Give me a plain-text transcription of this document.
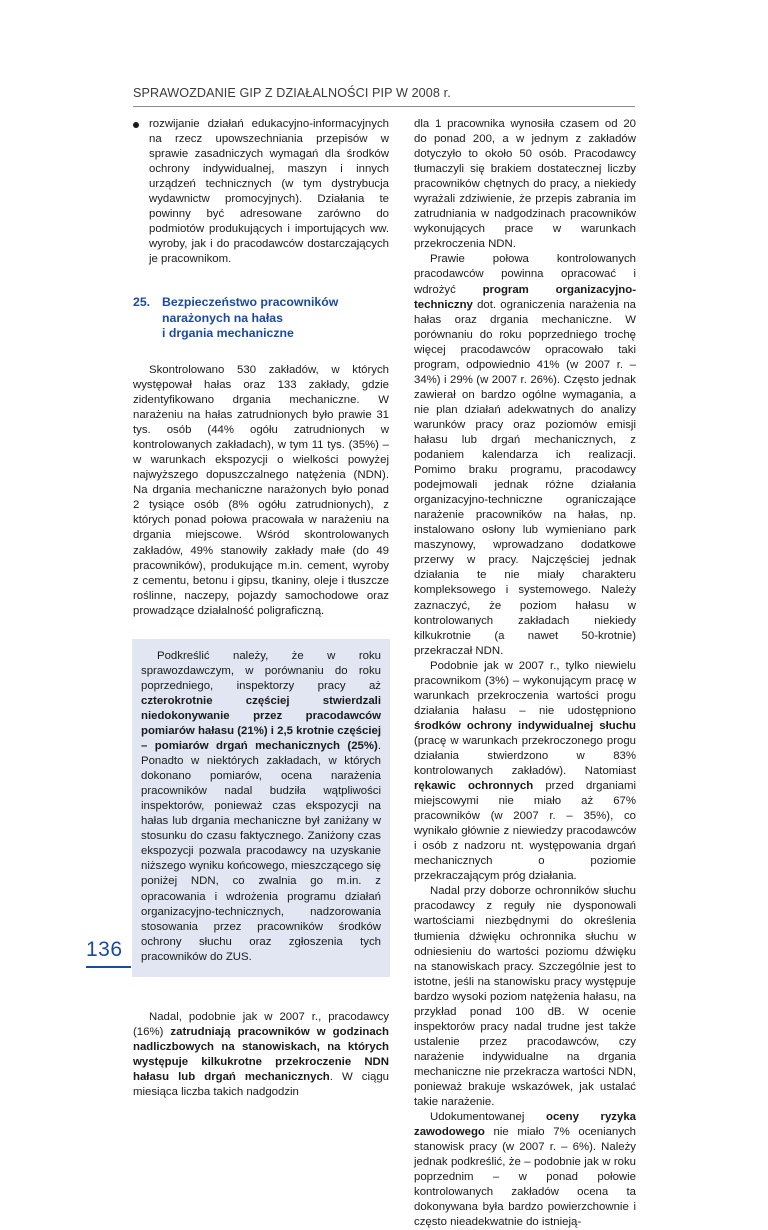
SPRAWOZDANIE GIP Z DZIAŁALNOŚCI PIP W 2008 r.

rozwijanie działań edukacyjno-informacyjnych na rzecz upowszechniania przepisów w sprawie zasadniczych wymagań dla środków ochrony indywidualnej, maszyn i innych urządzeń technicznych (w tym dystrybucja wydawnictw promocyjnych). Działania te powinny być adresowane zarówno do podmiotów produkujących i importujących ww. wyroby, jak i do pracodawców dostarczających je pracownikom.

25. Bezpieczeństwo pracowników
narażonych na hałas
i drgania mechaniczne

Skontrolowano 530 zakładów, w których występował hałas oraz 133 zakłady, gdzie zidentyfikowano drgania mechaniczne. W narażeniu na hałas zatrudnionych było prawie 31 tys. osób (44% ogółu zatrudnionych w kontrolowanych zakładach), w tym 11 tys. (35%) – w warunkach ekspozycji o wielkości powyżej najwyższego dopuszczalnego natężenia (NDN). Na drgania mechaniczne narażonych było ponad 2 tysiące osób (8% ogółu zatrudnionych), z których ponad połowa pracowała w narażeniu na drgania miejscowe. Wśród skontrolowanych zakładów, 49% stanowiły zakłady małe (do 49 pracowników), produkujące m.in. cement, wyroby z cementu, betonu i gipsu, tkaniny, oleje i tłuszcze roślinne, naczepy, pojazdy samochodowe oraz prowadzące działalność poligraficzną.

Podkreślić należy, że w roku sprawozdawczym, w porównaniu do roku poprzedniego, inspektorzy pracy aż czterokrotnie częściej stwierdzali niedokonywanie przez pracodawców pomiarów hałasu (21%) i 2,5 krotnie częściej – pomiarów drgań mechanicznych (25%). Ponadto w niektórych zakładach, w których dokonano pomiarów, ocena narażenia pracowników nadal budziła wątpliwości inspektorów, ponieważ czas ekspozycji na hałas lub drgania mechaniczne był zaniżany w stosunku do czasu faktycznego. Zaniżony czas ekspozycji pozwala pracodawcy na uzyskanie niższego wyniku końcowego, mieszczącego się poniżej NDN, co zwalnia go m.in. z opracowania i wdrożenia programu działań organizacyjno-technicznych, nadzorowania stosowania przez pracowników środków ochrony słuchu oraz zgłoszenia tych pracowników do ZUS.

Nadal, podobnie jak w 2007 r., pracodawcy (16%) zatrudniają pracowników w godzinach nadliczbowych na stanowiskach, na których występuje kilkukrotne przekroczenie NDN hałasu lub drgań mechanicznych. W ciągu miesiąca liczba takich nadgodzin

dla 1 pracownika wynosiła czasem od 20 do ponad 200, a w jednym z zakładów dotyczyło to około 50 osób. Pracodawcy tłumaczyli się brakiem dostatecznej liczby pracowników chętnych do pracy, a niekiedy wyrażali zdziwienie, że przepis zabrania im zatrudniania w nadgodzinach pracowników wykonujących prace w warunkach przekroczenia NDN.

Prawie połowa kontrolowanych pracodawców powinna opracować i wdrożyć program organizacyjno-techniczny dot. ograniczenia narażenia na hałas oraz drgania mechaniczne. W porównaniu do roku poprzedniego trochę więcej pracodawców opracowało taki program, odpowiednio 41% (w 2007 r. – 34%) i 29% (w 2007 r. 26%). Często jednak zawierał on bardzo ogólne wymagania, a nie plan działań adekwatnych do analizy warunków pracy oraz poziomów emisji hałasu lub drgań mechanicznych, z podaniem kalendarza ich realizacji. Pomimo braku programu, pracodawcy podejmowali jednak różne działania organizacyjno-techniczne ograniczające narażenie pracowników na hałas, np. instalowano osłony lub wymieniano park maszynowy, wprowadzano dodatkowe przerwy w pracy. Najczęściej jednak działania te nie miały charakteru kompleksowego i systemowego. Należy zaznaczyć, że poziom hałasu w kontrolowanych zakładach niekiedy kilkukrotnie (a nawet 50-krotnie) przekraczał NDN.

Podobnie jak w 2007 r., tylko niewielu pracownikom (3%) – wykonującym pracę w warunkach przekroczenia wartości progu działania hałasu – nie udostępniono środków ochrony indywidualnej słuchu (pracę w warunkach przekroczonego progu działania stwierdzono w 83% kontrolowanych zakładów). Natomiast rękawic ochronnych przed drganiami miejscowymi nie miało aż 67% pracowników (w 2007 r. – 35%), co wynikało głównie z niewiedzy pracodawców i osób z nadzoru nt. występowania drgań mechanicznych o poziomie przekraczającym próg działania.

Nadal przy doborze ochronników słuchu pracodawcy z reguły nie dysponowali wartościami niezbędnymi do określenia tłumienia dźwięku ochronnika słuchu w odniesieniu do wartości poziomu dźwięku na stanowiskach pracy. Szczególnie jest to istotne, jeśli na stanowisku pracy występuje bardzo wysoki poziom natężenia hałasu, na przykład ponad 100 dB. W ocenie inspektorów pracy nadal trudne jest także ustalenie przez pracodawców, czy narażenie indywidualne na drgania mechaniczne nie przekracza wartości NDN, ponieważ brakuje wskazówek, jak ustalać takie narażenie.

Udokumentowanej oceny ryzyka zawodowego nie miało 7% ocenianych stanowisk pracy (w 2007 r. – 6%). Należy jednak podkreślić, że – podobnie jak w roku poprzednim – w ponad połowie kontrolowanych zakładów ocena ta dokonywana była bardzo powierzchownie i często nieadekwatnie do istnieją-

136
